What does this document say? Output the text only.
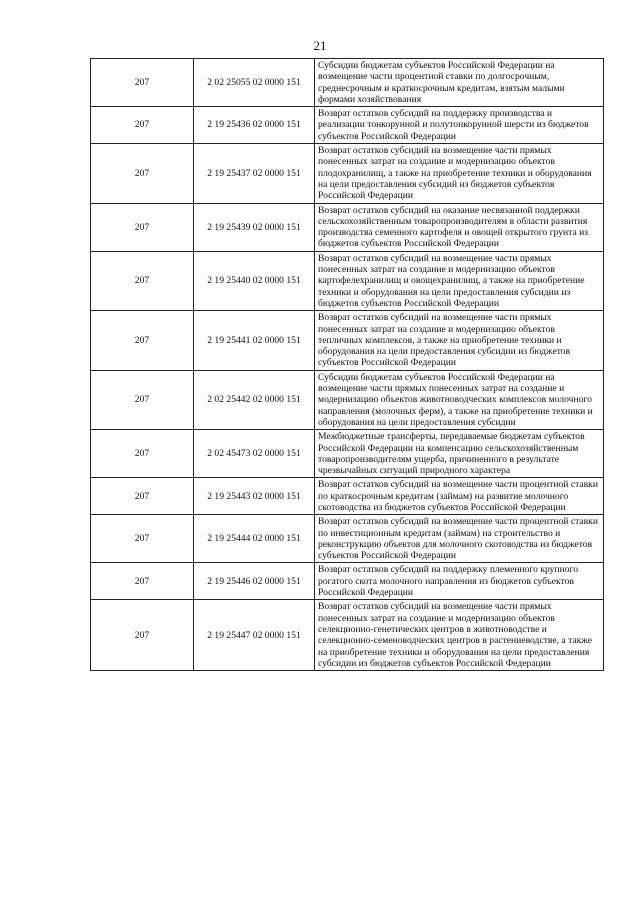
21
207	2 02 25055 02 0000 151	Субсидии бюджетам субъектов Российской Федерации на возмещение части процентной ставки по долгосрочным, среднесрочным и краткосрочным кредитам, взятым малыми формами хозяйствования
207	2 19 25436 02 0000 151	Возврат остатков субсидий на поддержку производства и реализации тонкорунной и полутонкорунной шерсти из бюджетов субъектов Российской Федерации
207	2 19 25437 02 0000 151	Возврат остатков субсидий на возмещение части прямых понесенных затрат на создание и модернизацию объектов плодохранилищ, а также на приобретение техники и оборудования на цели предоставления субсидий из бюджетов субъектов Российской Федерации
207	2 19 25439 02 0000 151	Возврат остатков субсидий на оказание несвязанной поддержки сельскохозяйственным товаропроизводителям в области развития производства семенного картофеля и овощей открытого грунта из бюджетов субъектов Российской Федерации
207	2 19 25440 02 0000 151	Возврат остатков субсидий на возмещение части прямых понесенных затрат на создание и модернизацию объектов картофелехранилищ и овощехранилищ, а также на приобретение техники и оборудования на цели предоставления субсидии из бюджетов субъектов Российской Федерации
207	2 19 25441 02 0000 151	Возврат остатков субсидий на возмещение части прямых понесенных затрат на создание и модернизацию объектов тепличных комплексов, а также на приобретение техники и оборудования на цели предоставления субсидии из бюджетов субъектов Российской Федерации
207	2 02 25442 02 0000 151	Субсидии бюджетам субъектов Российской Федерации на возмещение части прямых понесенных затрат на создание и модернизацию объектов животноводческих комплексов молочного направления (молочных ферм), а также на приобретение техники и оборудования на цели предоставления субсидии
207	2 02 45473 02 0000 151	Межбюджетные трансферты, передаваемые бюджетам субъектов Российской Федерации на компенсацию сельскохозяйственным товаропроизводителям ущерба, причиненного в результате чрезвычайных ситуаций природного характера
207	2 19 25443 02 0000 151	Возврат остатков субсидий на возмещение части процентной ставки по краткосрочным кредитам (займам) на развитие молочного скотоводства из бюджетов субъектов Российской Федерации
207	2 19 25444 02 0000 151	Возврат остатков субсидий на возмещение части процентной ставки по инвестиционным кредитам (займам) на строительство и реконструкцию объектов для молочного скотоводства из бюджетов субъектов Российской Федерации
207	2 19 25446 02 0000 151	Возврат остатков субсидий на поддержку племенного крупного рогатого скота молочного направления из бюджетов субъектов Российской Федерации
207	2 19 25447 02 0000 151	Возврат остатков субсидий на возмещение части прямых понесенных затрат на создание и модернизацию объектов селекционно-генетических центров в животноводстве и селекционно-семеноводческих центров в растениеводстве, а также на приобретение техники и оборудования на цели предоставления субсидии из бюджетов субъектов Российской Федерации
